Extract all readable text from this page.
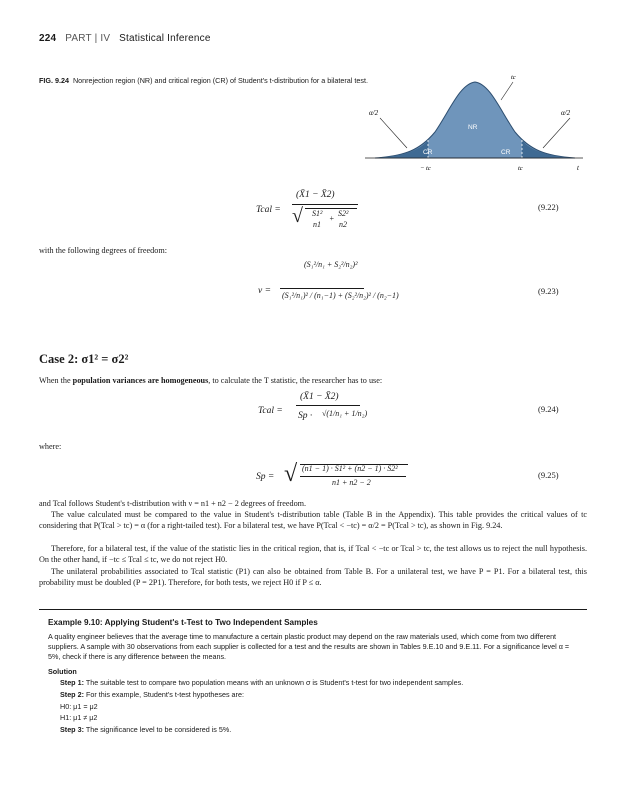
224 PART | IV Statistical Inference
FIG. 9.24 Nonrejection region (NR) and critical region (CR) of Student's t-distribution for a bilateral test.
α/2	α/2
NR
CR	CR
tc
− tc	tc	t
Tcal =
(X̄1 − X̄2)
√ S1²
+
S2²
n1 n2
(9.22)
with the following degrees of freedom:
ν =
(S₁²/n₁ + S₂²/n₂)²
(S₁²/n₁)² / (n₁−1) + (S₂²/n₂)² / (n₂−1)	(9.23)
Case 2: σ1² = σ2²
When the population variances are homogeneous, to calculate the T statistic, the researcher has to use:
Tcal =
(X̄1 − X̄2)
Sp · √(1/n₁ + 1/n₂)	(9.24)
where:
Sp = √ (n1 − 1) · S1² + (n2 − 1) · S2²
n1 + n2 − 2
(9.25)
and Tcal follows Student's t-distribution with ν = n1 + n2 − 2 degrees of freedom.
The value calculated must be compared to the value in Student's t-distribution table (Table B in the Appendix). This table provides the critical values of tc considering that P(Tcal > tc) = α (for a right-tailed test). For a bilateral test, we have P(Tcal < −tc) = α/2 = P(Tcal > tc), as shown in Fig. 9.24.
Therefore, for a bilateral test, if the value of the statistic lies in the critical region, that is, if Tcal < −tc or Tcal > tc, the test allows us to reject the null hypothesis. On the other hand, if −tc ≤ Tcal ≤ tc, we do not reject H0.
The unilateral probabilities associated to Tcal statistic (P1) can also be obtained from Table B. For a unilateral test, we have P = P1. For a bilateral test, this probability must be doubled (P = 2P1). Therefore, for both tests, we reject H0 if P ≤ α.
Example 9.10: Applying Student's t-Test to Two Independent Samples
A quality engineer believes that the average time to manufacture a certain plastic product may depend on the raw materials used, which come from two different suppliers. A sample with 30 observations from each supplier is collected for a test and the results are shown in Tables 9.E.10 and 9.E.11. For a significance level α = 5%, check if there is any difference between the means.
Solution
Step 1: The suitable test to compare two population means with an unknown σ is Student's t-test for two independent samples.
Step 2: For this example, Student's t-test hypotheses are:
H0: μ1 = μ2
H1: μ1 ≠ μ2
Step 3: The significance level to be considered is 5%.
